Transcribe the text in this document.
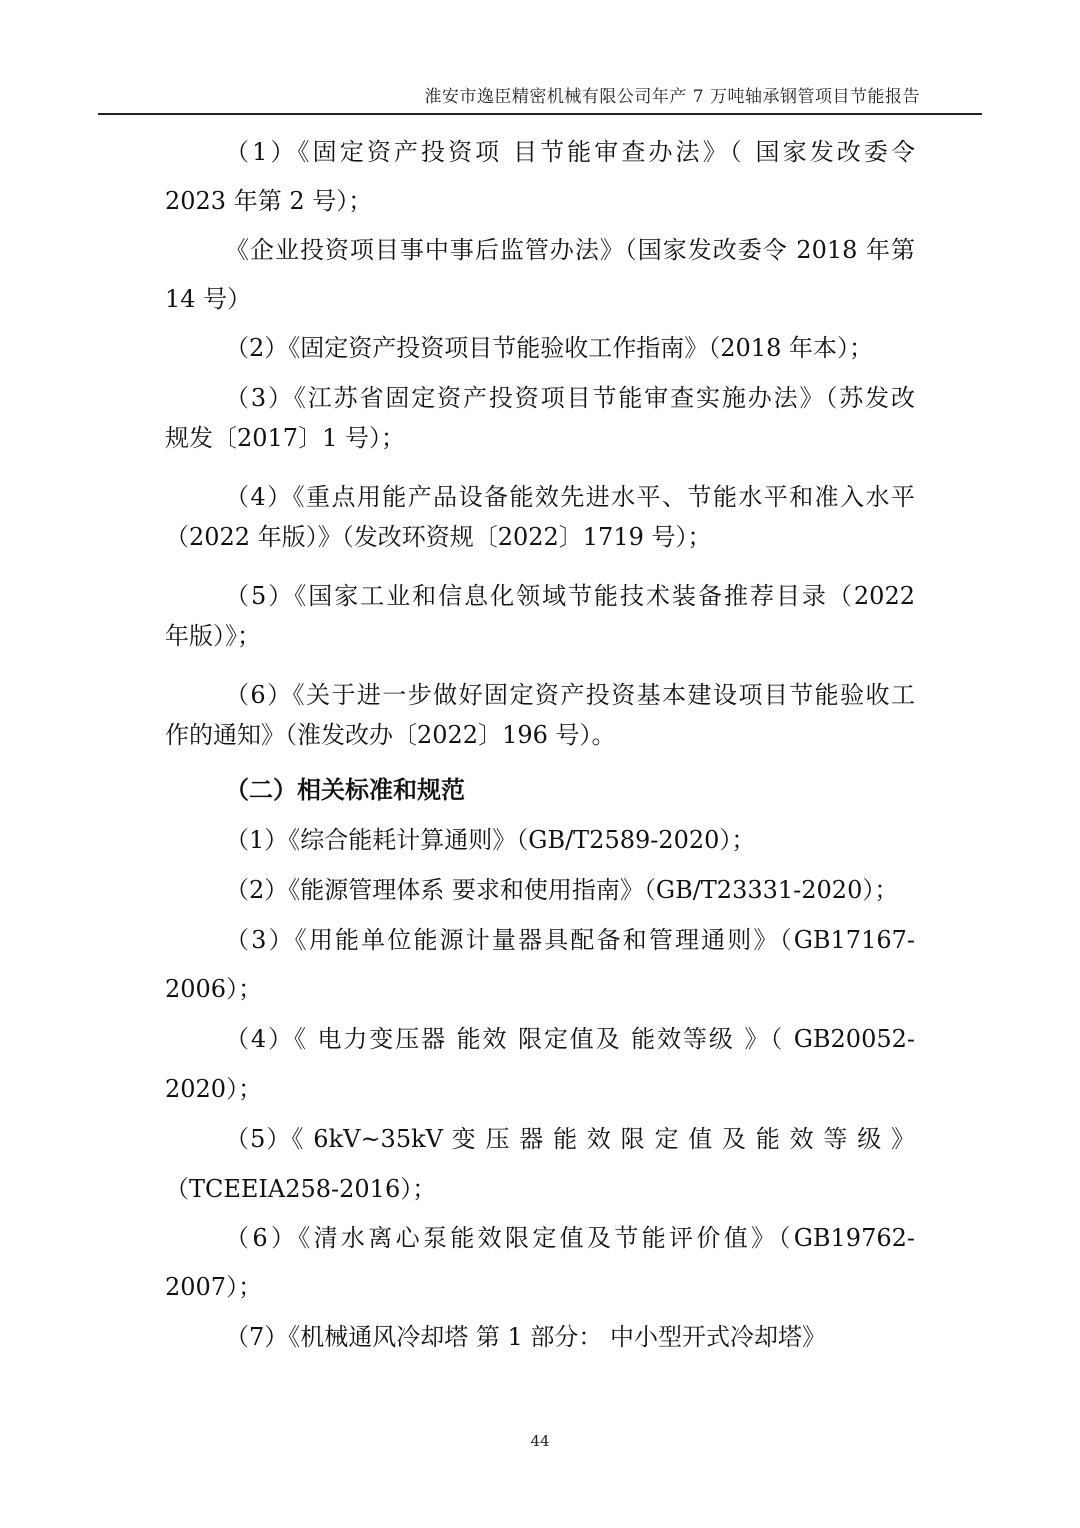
淮安市逸臣精密机械有限公司年产 7 万吨轴承钢管项目节能报告
（1）《固定资产投资项 目节能审查办法》（ 国家发改委令
2023 年第 2 号）；
《企业投资项目事中事后监管办法》（国家发改委令 2018 年第
14 号）
（2）《固定资产投资项目节能验收工作指南》（2018 年本）；
（3）《江苏省固定资产投资项目节能审查实施办法》（苏发改
规发〔2017〕1 号）；
（4）《重点用能产品设备能效先进水平、节能水平和准入水平
（2022 年版）》（发改环资规〔2022〕1719 号）；
（5）《国家工业和信息化领域节能技术装备推荐目录（2022
年版）》；
（6）《关于进一步做好固定资产投资基本建设项目节能验收工
作的通知》（淮发改办〔2022〕196 号）。
（二）相关标准和规范
（1）《综合能耗计算通则》（GB/T2589-2020）；
（2）《能源管理体系 要求和使用指南》（GB/T23331-2020）；
（3）《用能单位能源计量器具配备和管理通则》（GB17167-
2006）；
（4）《 电力变压器 能效 限定值及 能效等级 》（ GB20052-
2020）；
（5）《 6kV~35kV 变 压 器 能 效 限 定 值 及 能 效 等 级 》
（TCEEIA258-2016）；
（6）《清水离心泵能效限定值及节能评价值》（GB19762-
2007）；
（7）《机械通风冷却塔 第 1 部分： 中小型开式冷却塔》
44
